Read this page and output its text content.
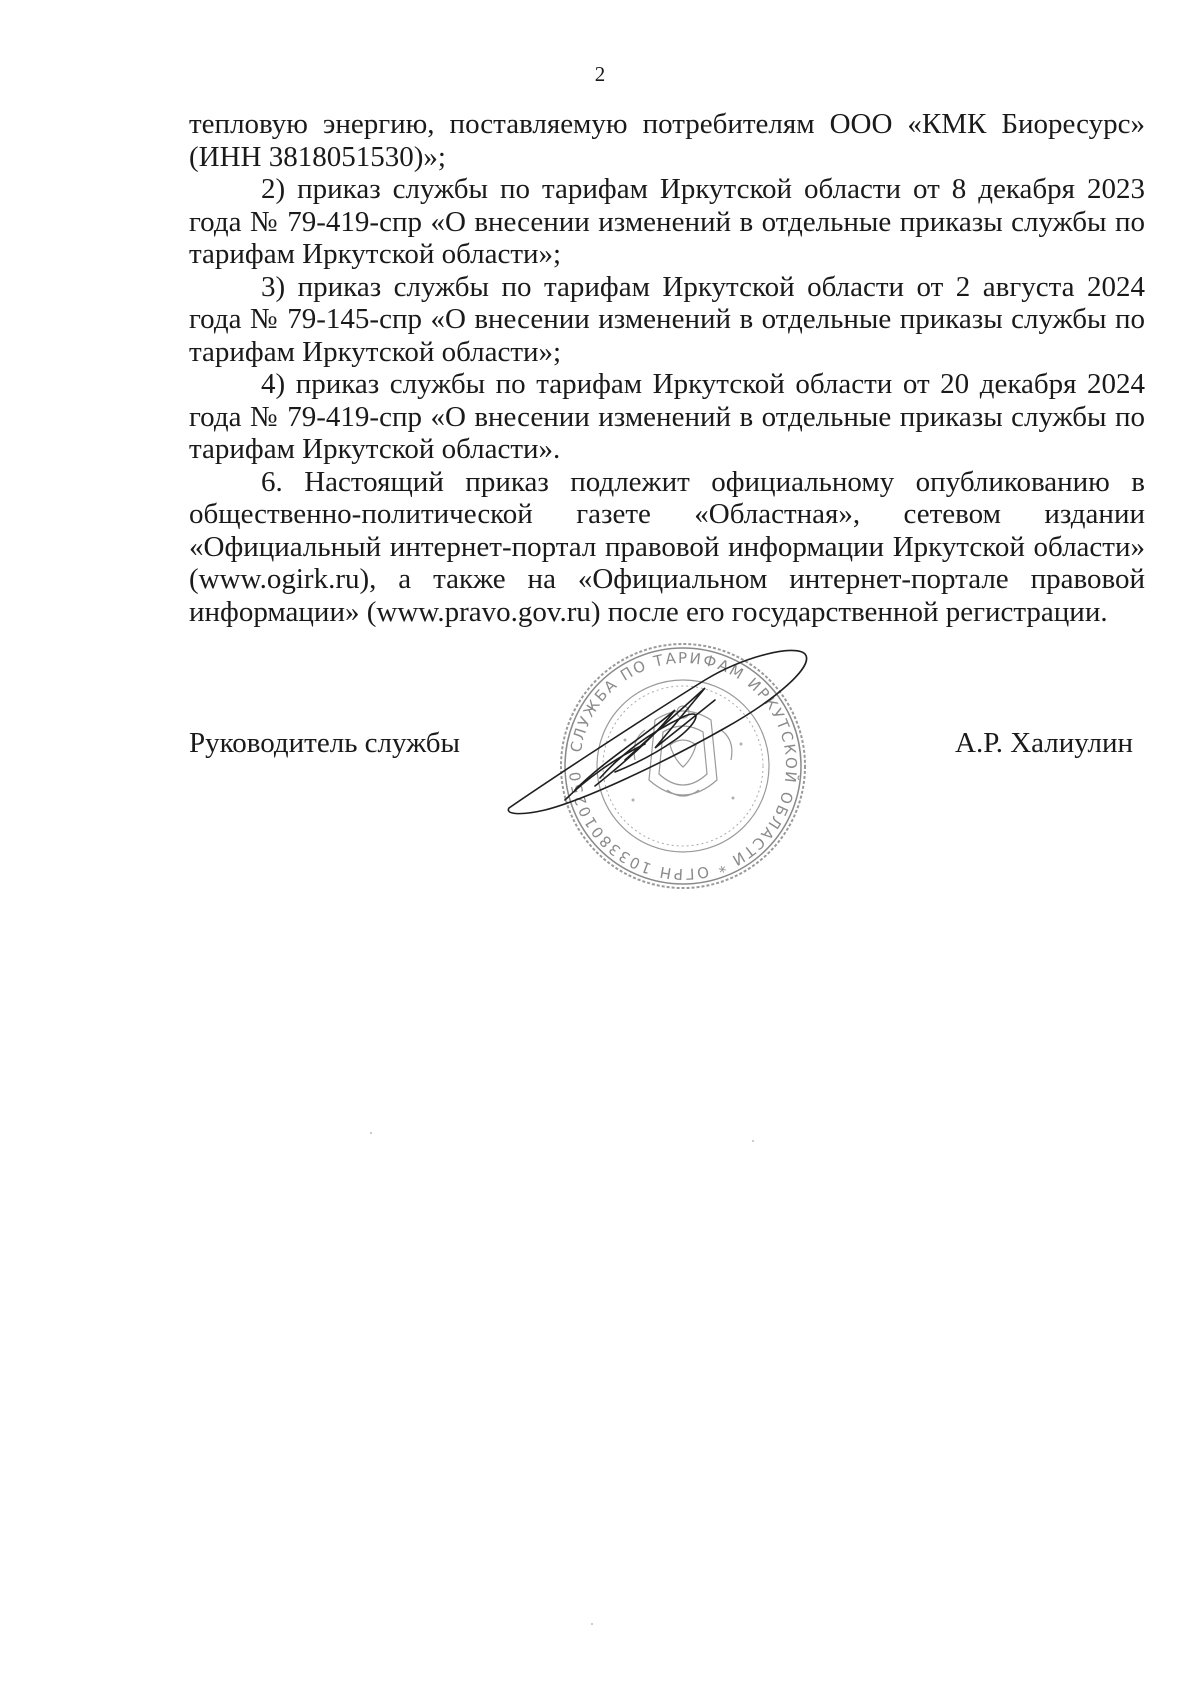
2

тепловую энергию, поставляемую потребителям ООО «КМК Биоресурс» (ИНН 3818051530)»;

2) приказ службы по тарифам Иркутской области от 8 декабря 2023 года № 79-419-спр «О внесении изменений в отдельные приказы службы по тарифам Иркутской области»;

3) приказ службы по тарифам Иркутской области от 2 августа 2024 года № 79-145-спр «О внесении изменений в отдельные приказы службы по тарифам Иркутской области»;

4) приказ службы по тарифам Иркутской области от 20 декабря 2024 года № 79-419-спр «О внесении изменений в отдельные приказы службы по тарифам Иркутской области».

6. Настоящий приказ подлежит официальному опубликованию в общественно-политической газете «Областная», сетевом издании «Официальный интернет-портал правовой информации Иркутской области» (www.ogirk.ru), а также на «Официальном интернет-портале правовой информации» (www.pravo.gov.ru) после его государственной регистрации.

Руководитель службы	А.Р. Халиулин
СЛУЖБА ПО ТАРИФАМ ИРКУТСКОЙ ОБЛАСТИ * ОГРН 10338010250
